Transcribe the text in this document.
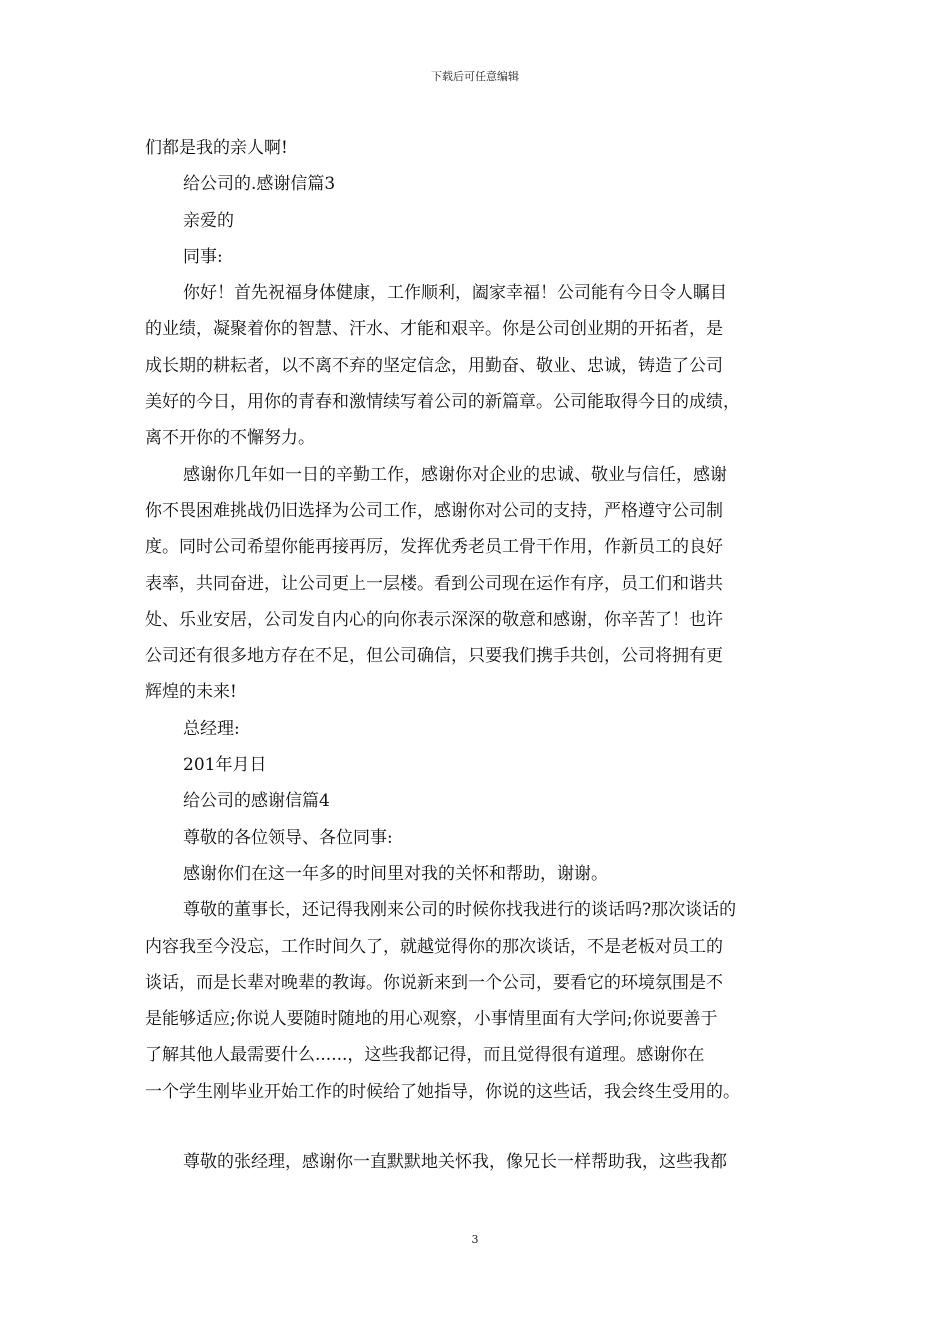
下载后可任意编辑
们都是我的亲人啊!
给公司的.感谢信篇3
亲爱的
同事:
你好！首先祝福身体健康，工作顺利，阖家幸福！公司能有今日令人瞩目
的业绩，凝聚着你的智慧、汗水、才能和艰辛。你是公司创业期的开拓者，是
成长期的耕耘者，以不离不弃的坚定信念，用勤奋、敬业、忠诚，铸造了公司
美好的今日，用你的青春和激情续写着公司的新篇章。公司能取得今日的成绩，
离不开你的不懈努力。
感谢你几年如一日的辛勤工作，感谢你对企业的忠诚、敬业与信任，感谢
你不畏困难挑战仍旧选择为公司工作，感谢你对公司的支持，严格遵守公司制
度。同时公司希望你能再接再厉，发挥优秀老员工骨干作用，作新员工的良好
表率，共同奋进，让公司更上一层楼。看到公司现在运作有序，员工们和谐共
处、乐业安居，公司发自内心的向你表示深深的敬意和感谢，你辛苦了！也许
公司还有很多地方存在不足，但公司确信，只要我们携手共创，公司将拥有更
辉煌的未来!
总经理:
201年月日
给公司的感谢信篇4
尊敬的各位领导、各位同事:
感谢你们在这一年多的时间里对我的关怀和帮助，谢谢。
尊敬的董事长，还记得我刚来公司的时候你找我进行的谈话吗?那次谈话的
内容我至今没忘，工作时间久了，就越觉得你的那次谈话，不是老板对员工的
谈话，而是长辈对晚辈的教诲。你说新来到一个公司，要看它的环境氛围是不
是能够适应;你说人要随时随地的用心观察，小事情里面有大学问;你说要善于
了解其他人最需要什么......，这些我都记得，而且觉得很有道理。感谢你在
一个学生刚毕业开始工作的时候给了她指导，你说的这些话，我会终生受用的。
尊敬的张经理，感谢你一直默默地关怀我，像兄长一样帮助我，这些我都
3
